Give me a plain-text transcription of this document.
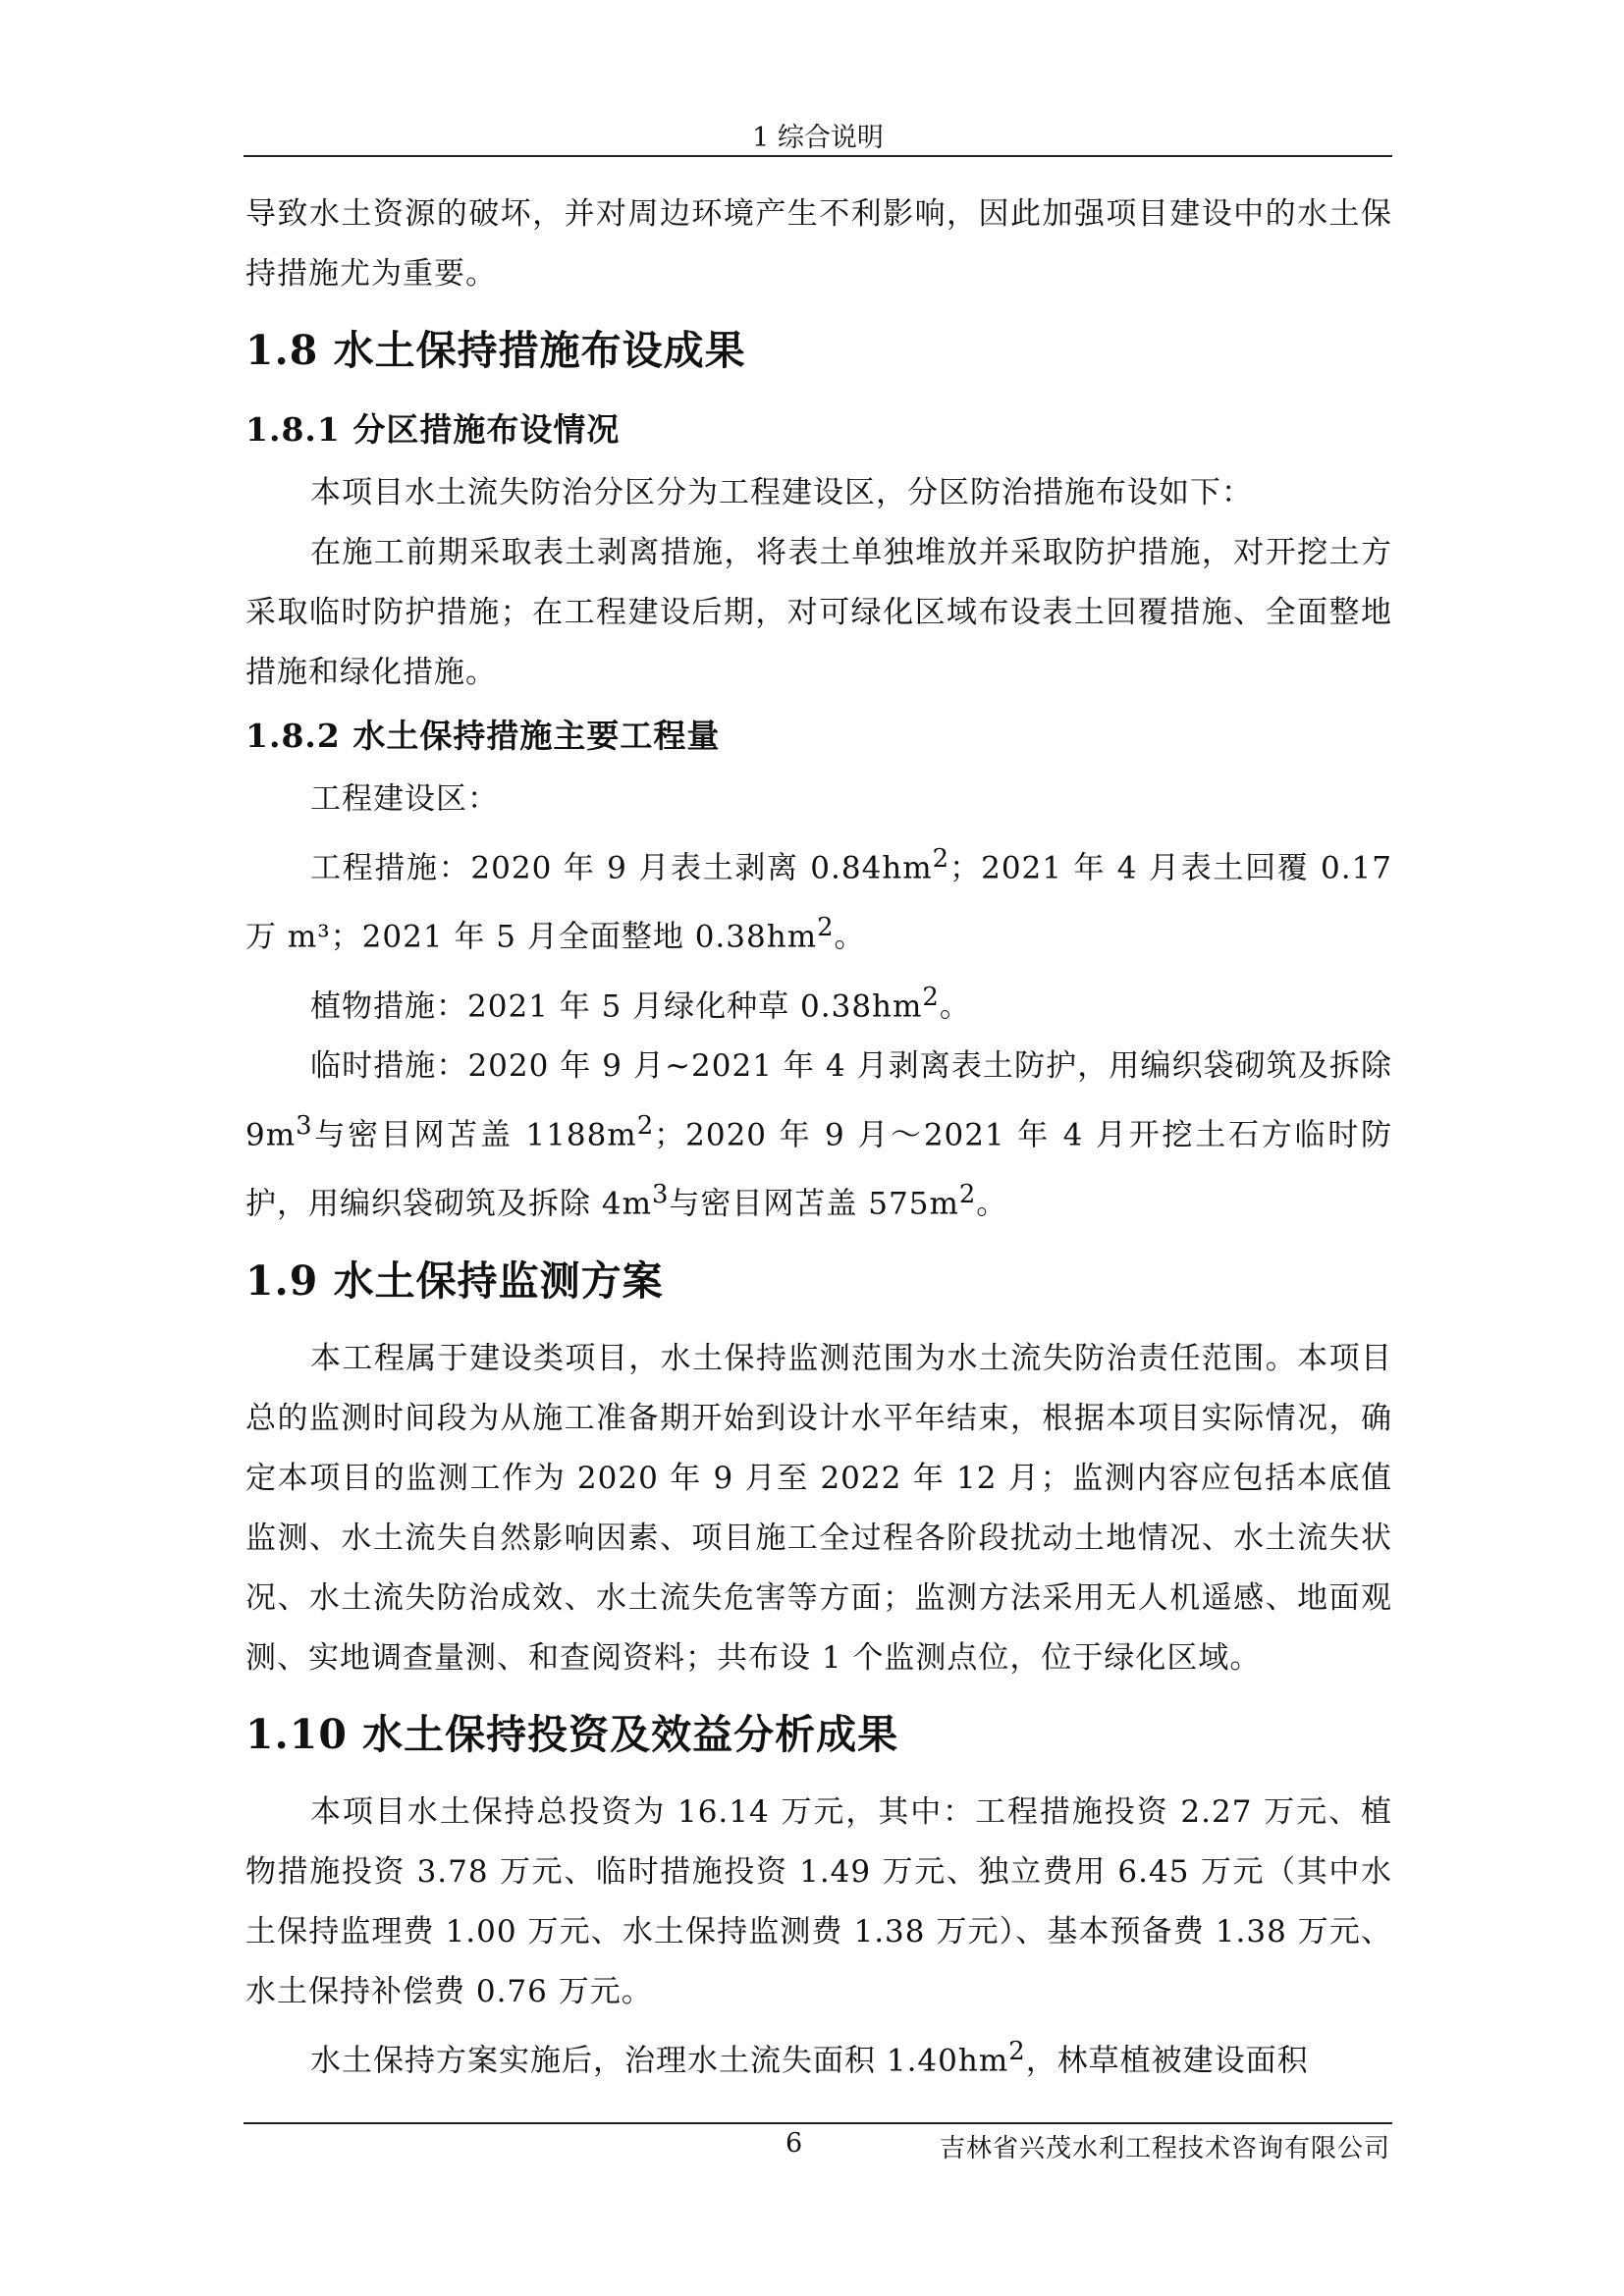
1 综合说明

导致水土资源的破坏，并对周边环境产生不利影响，因此加强项目建设中的水土保持措施尤为重要。

1.8 水土保持措施布设成果
1.8.1 分区措施布设情况

本项目水土流失防治分区分为工程建设区，分区防治措施布设如下：

在施工前期采取表土剥离措施，将表土单独堆放并采取防护措施，对开挖土方采取临时防护措施；在工程建设后期，对可绿化区域布设表土回覆措施、全面整地措施和绿化措施。

1.8.2 水土保持措施主要工程量

工程建设区：

工程措施：2020 年 9 月表土剥离 $0.84hm^2$；2021 年 4 月表土回覆 0.17 万 m³；2021 年 5 月全面整地 $0.38hm^2$。

植物措施：2021 年 5 月绿化种草 $0.38hm^2$。

临时措施：2020 年 9 月~2021 年 4 月剥离表土防护，用编织袋砌筑及拆除 $9m^3$与密目网苫盖 $1188m^2$；2020 年 9 月～2021 年 4 月开挖土石方临时防护，用编织袋砌筑及拆除 $4m^3$与密目网苫盖 $575m^2$。

1.9 水土保持监测方案

本工程属于建设类项目，水土保持监测范围为水土流失防治责任范围。本项目总的监测时间段为从施工准备期开始到设计水平年结束，根据本项目实际情况，确定本项目的监测工作为 2020 年 9 月至 2022 年 12 月；监测内容应包括本底值监测、水土流失自然影响因素、项目施工全过程各阶段扰动土地情况、水土流失状况、水土流失防治成效、水土流失危害等方面；监测方法采用无人机遥感、地面观测、实地调查量测、和查阅资料；共布设 1 个监测点位，位于绿化区域。

1.10 水土保持投资及效益分析成果

本项目水土保持总投资为 16.14 万元，其中：工程措施投资 2.27 万元、植物措施投资 3.78 万元、临时措施投资 1.49 万元、独立费用 6.45 万元（其中水土保持监理费 1.00 万元、水土保持监测费 1.38 万元）、基本预备费 1.38 万元、水土保持补偿费 0.76 万元。

水土保持方案实施后，治理水土流失面积 $1.40hm^2$，林草植被建设面积

6	吉林省兴茂水利工程技术咨询有限公司
